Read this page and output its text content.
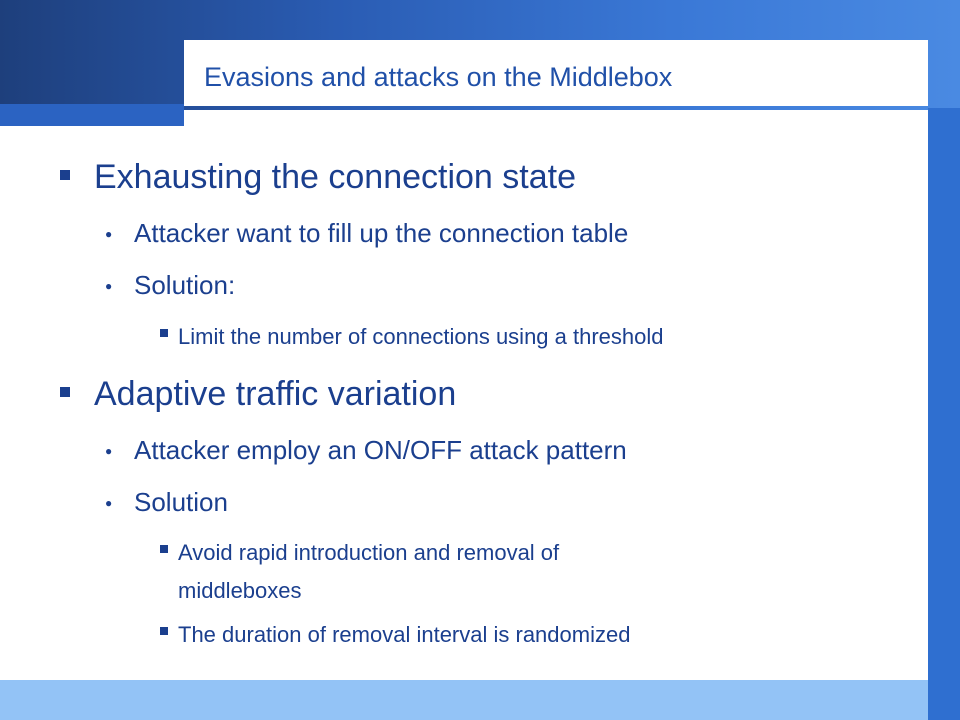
Evasions and attacks on the Middlebox
Exhausting the connection state
● Attacker want to fill up the connection table
● Solution:
Limit the number of connections using a threshold
Adaptive traffic variation
● Attacker employ an ON/OFF attack pattern
● Solution
Avoid rapid introduction and removal of
middleboxes
The duration of removal interval is randomized
